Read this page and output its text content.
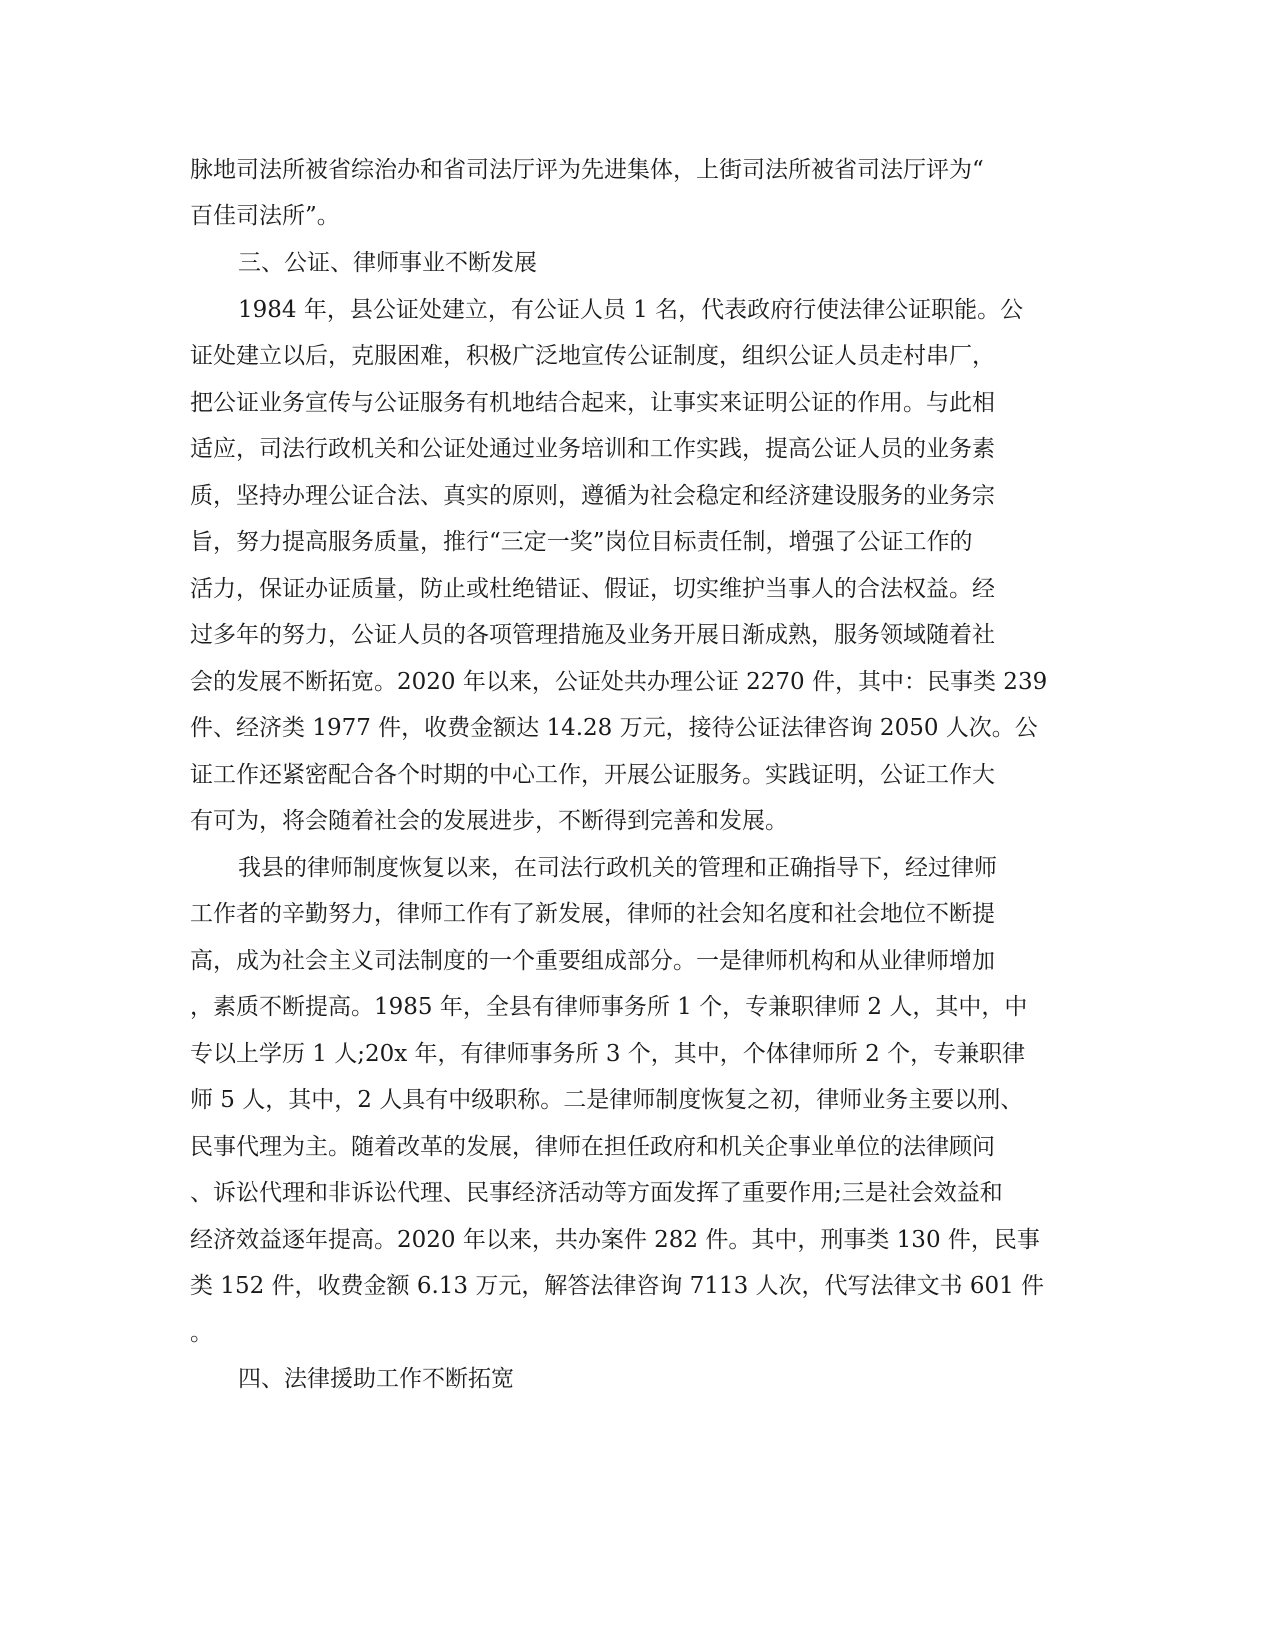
脉地司法所被省综治办和省司法厅评为先进集体，上街司法所被省司法厅评为“

百佳司法所”。

三、公证、律师事业不断发展

1984 年，县公证处建立，有公证人员 1 名，代表政府行使法律公证职能。公

证处建立以后，克服困难，积极广泛地宣传公证制度，组织公证人员走村串厂，

把公证业务宣传与公证服务有机地结合起来，让事实来证明公证的作用。与此相

适应，司法行政机关和公证处通过业务培训和工作实践，提高公证人员的业务素

质，坚持办理公证合法、真实的原则，遵循为社会稳定和经济建设服务的业务宗

旨，努力提高服务质量，推行“三定一奖”岗位目标责任制，增强了公证工作的

活力，保证办证质量，防止或杜绝错证、假证，切实维护当事人的合法权益。经

过多年的努力，公证人员的各项管理措施及业务开展日渐成熟，服务领域随着社

会的发展不断拓宽。2020 年以来，公证处共办理公证 2270 件，其中：民事类 239

件、经济类 1977 件，收费金额达 14.28 万元，接待公证法律咨询 2050 人次。公

证工作还紧密配合各个时期的中心工作，开展公证服务。实践证明，公证工作大

有可为，将会随着社会的发展进步，不断得到完善和发展。

我县的律师制度恢复以来，在司法行政机关的管理和正确指导下，经过律师

工作者的辛勤努力，律师工作有了新发展，律师的社会知名度和社会地位不断提

高，成为社会主义司法制度的一个重要组成部分。一是律师机构和从业律师增加

，素质不断提高。1985 年，全县有律师事务所 1 个，专兼职律师 2 人，其中，中

专以上学历 1 人;20x 年，有律师事务所 3 个，其中，个体律师所 2 个，专兼职律

师 5 人，其中，2 人具有中级职称。二是律师制度恢复之初，律师业务主要以刑、

民事代理为主。随着改革的发展，律师在担任政府和机关企事业单位的法律顾问

、诉讼代理和非诉讼代理、民事经济活动等方面发挥了重要作用;三是社会效益和

经济效益逐年提高。2020 年以来，共办案件 282 件。其中，刑事类 130 件，民事

类 152 件，收费金额 6.13 万元，解答法律咨询 7113 人次，代写法律文书 601 件

。

四、法律援助工作不断拓宽
